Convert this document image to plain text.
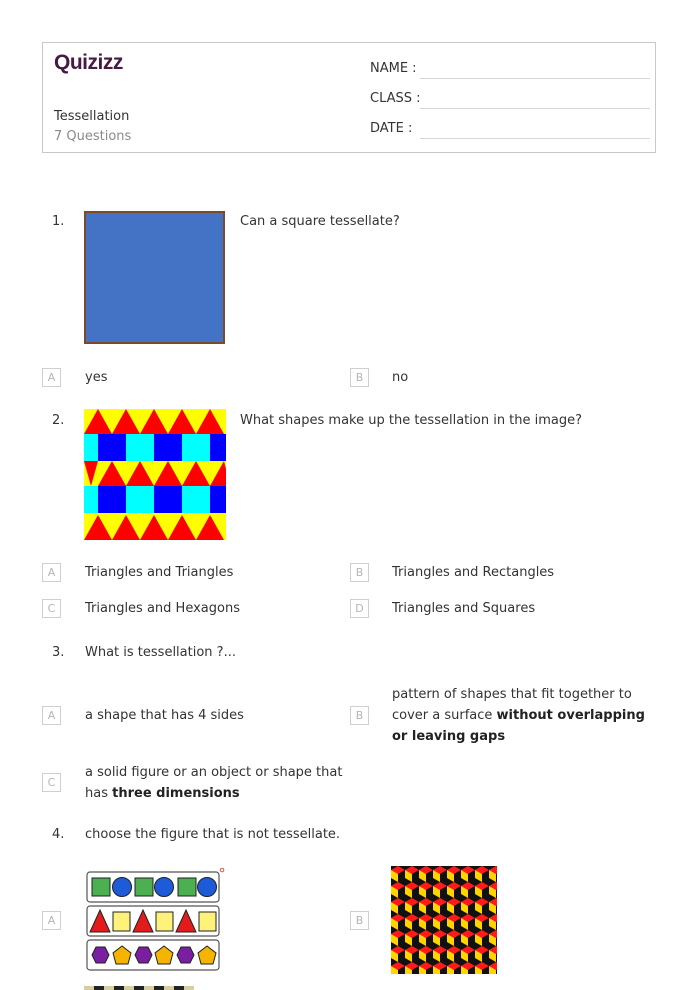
Quizizz
Tessellation
7 Questions
NAME :
CLASS :
DATE :
1.	Can a square tessellate?
A	yes	B	no
2.	What shapes make up the tessellation in the image?
A	Triangles and Triangles	B	Triangles and Rectangles
C	Triangles and Hexagons	D	Triangles and Squares
3. What is tessellation ?...
A	a shape that has 4 sides	B
pattern of shapes that fit together to cover a surface without overlapping or leaving gaps
C
a solid figure or an object or shape that has three dimensions
4. choose the figure that is not tessellate.
A	B
